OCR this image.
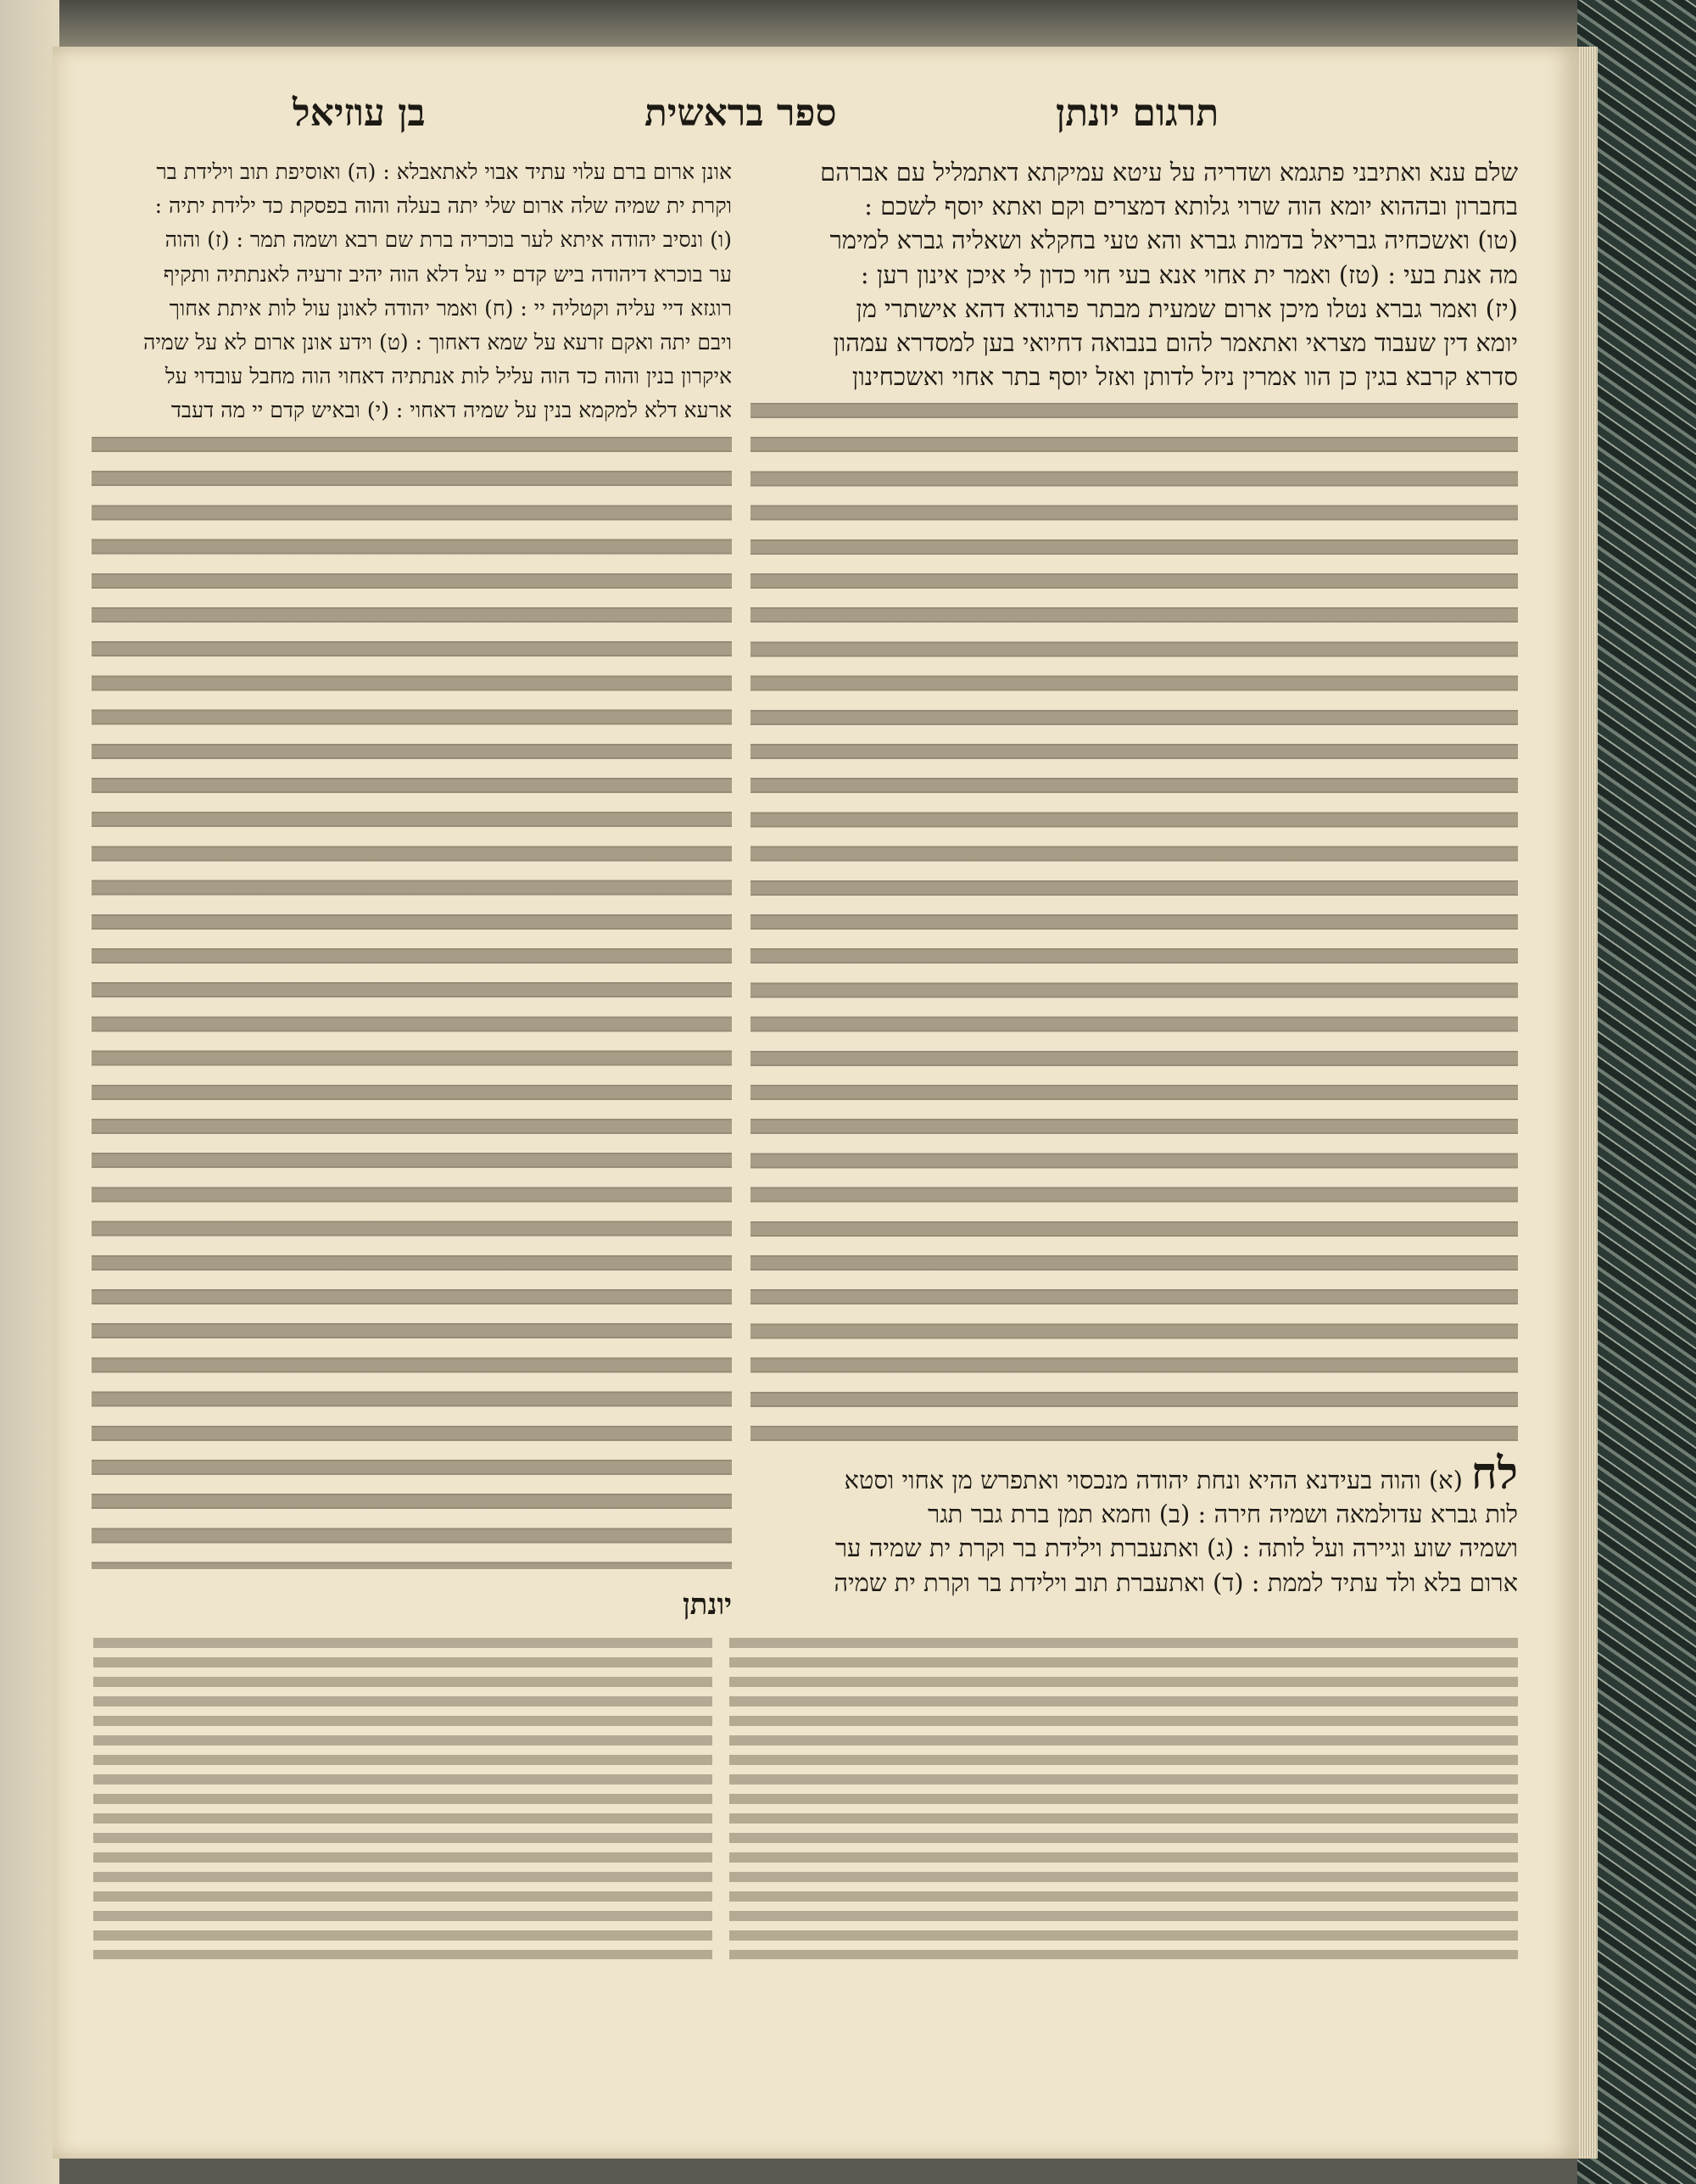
תרגום יונתן
ספר בראשית
בן עוזיאל

שלם ענא ואתיבני פתגמא ושדריה על עיטא עמיקתא דאתמליל עם אברהם

בחברון ובההוא יומא הוה שרוי גלותא דמצרים וקם ואתא יוסף לשכם :

(טו) ואשכחיה גבריאל בדמות גברא והא טעי בחקלא ושאליה גברא למימר

מה אנת בעי : (טז) ואמר ית אחוי אנא בעי חוי כדון לי איכן אינון רען :

(יז) ואמר גברא נטלו מיכן ארום שמעית מבתר פרגודא דהא אישתרי מן

יומא דין שעבוד מצראי ואתאמר להום בנבואה דחיואי בען למסדרא עמהון

סדרא קרבא בגין כן הוו אמרין ניזל לדותן ואזל יוסף בתר אחוי ואשכחינון

לח(א) והוה בעידנא ההיא ונחת יהודה מנכסוי ואתפרש מן אחוי וסטא

לות גברא עדולמאה ושמיה חירה : (ב) וחמא תמן ברת גבר תגר

ושמיה שוע וגיירה ועל לותה : (ג) ואתעברת וילידת בר וקרת ית שמיה ער

ארום בלא ולד עתיד לממת : (ד) ואתעברת תוב וילידת בר וקרת ית שמיה

אונן ארום ברם עלוי עתיד אבוי לאתאבלא : (ה) ואוסיפת תוב וילידת בר

וקרת ית שמיה שלה ארום שלי יתה בעלה והוה בפסקת כד ילידת יתיה :

(ו) ונסיב יהודה איתא לער בוכריה ברת שם רבא ושמה תמר : (ז) והוה

ער בוכרא דיהודה ביש קדם יי על דלא הוה יהיב זרעיה לאנתתיה ותקיף

רוגזא דיי עליה וקטליה יי : (ח) ואמר יהודה לאונן עול לות איתת אחוך

ויבם יתה ואקם זרעא על שמא דאחוך : (ט) וידע אונן ארום לא על שמיה

איקרון בנין והוה כד הוה עליל לות אנתתיה דאחוי הוה מחבל עובדוי על

ארעא דלא למקמא בנין על שמיה דאחוי : (י) ובאיש קדם יי מה דעבד

יונתן
